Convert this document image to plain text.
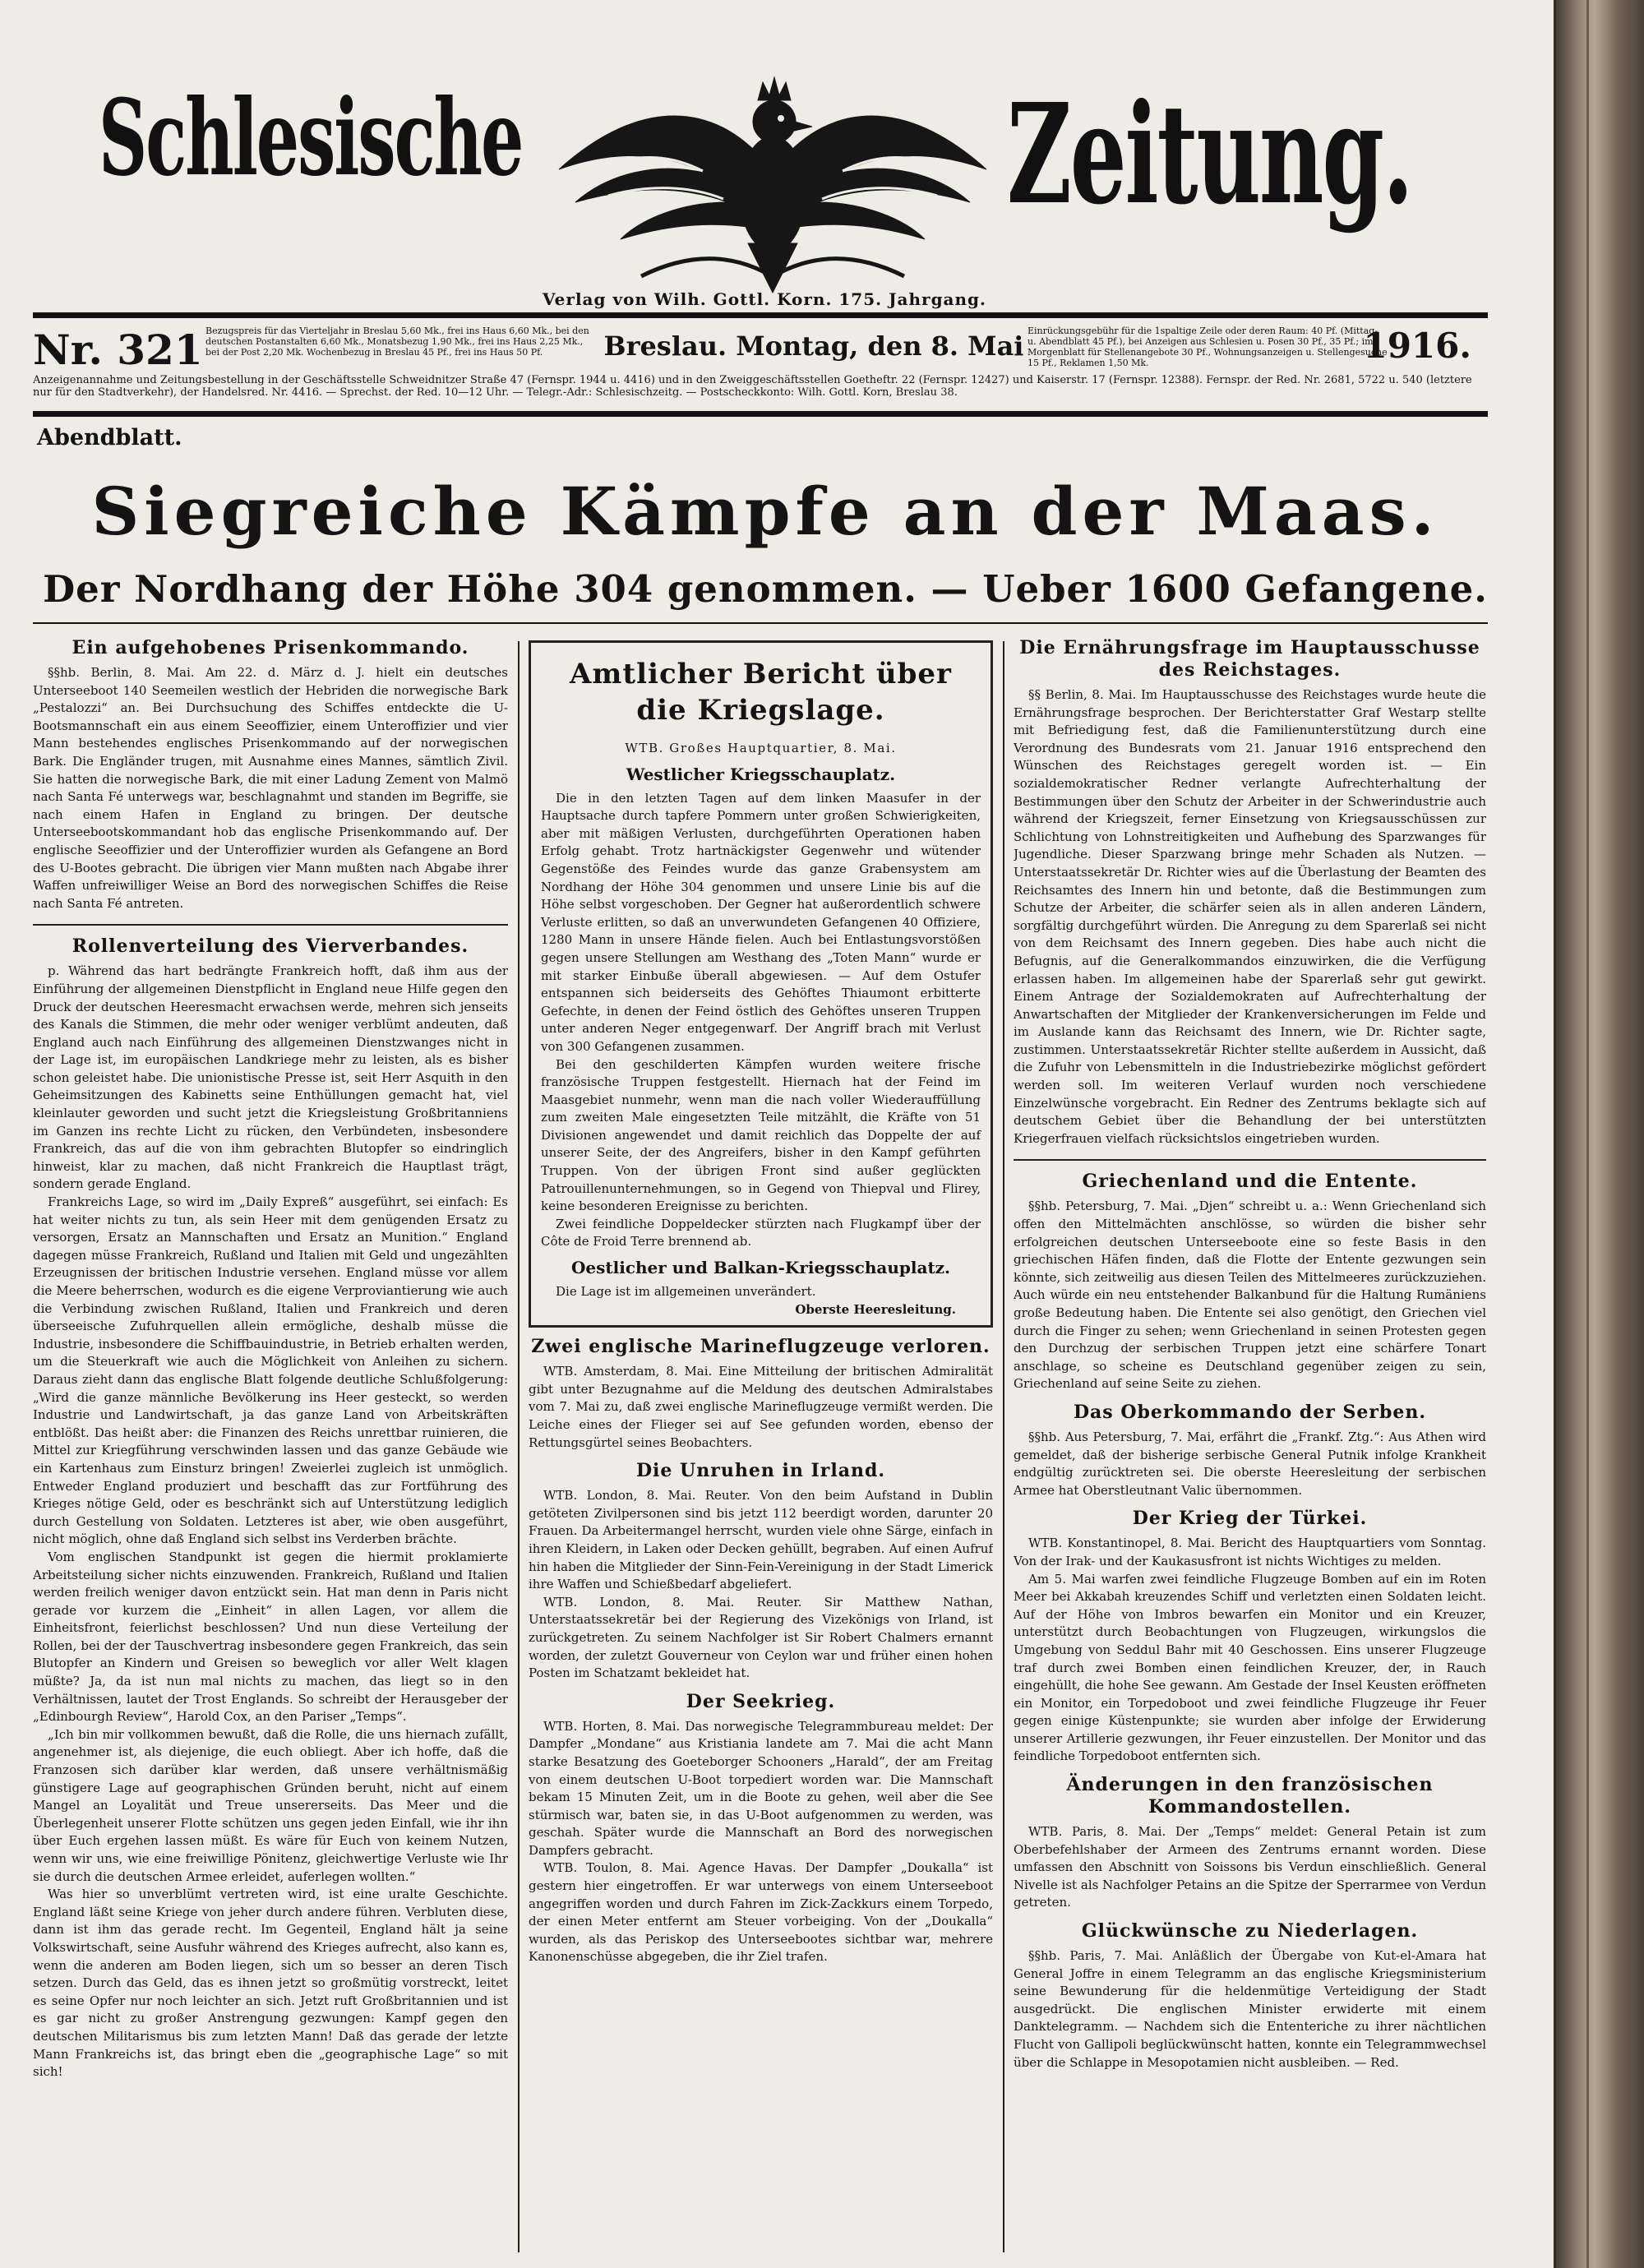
Schlesische	Zeitung.
Verlag von Wilh. Gottl. Korn. 175. Jahrgang.
Nr. 321 Bezugspreis für das Vierteljahr in Breslau 5,60 Mk., frei ins Haus 6,60 Mk., bei den deutschen Postanstalten 6,60 Mk., Monatsbezug 1,90 Mk., frei ins Haus 2,25 Mk., bei der Post 2,20 Mk. Wochenbezug in Breslau 45 Pf., frei ins Haus 50 Pf.	Breslau. Montag, den 8. Mai Einrückungsgebühr für die 1spaltige Zeile oder deren Raum: 40 Pf. (Mittag- u. Abendblatt 45 Pf.), bei Anzeigen aus Schlesien u. Posen 30 Pf., 35 Pf.; im Morgenblatt für Stellenangebote 30 Pf., Wohnungsanzeigen u. Stellengesuche 15 Pf., Reklamen 1,50 Mk.	1916.
Anzeigenannahme und Zeitungsbestellung in der Geschäftsstelle Schweidnitzer Straße 47 (Fernspr. 1944 u. 4416) und in den Zweiggeschäftsstellen Goetheftr. 22 (Fernspr. 12427) und Kaiserstr. 17 (Fernspr. 12388). Fernspr. der Red. Nr. 2681, 5722 u. 540 (letztere nur für den Stadtverkehr), der Handelsred. Nr. 4416. — Sprechst. der Red. 10—12 Uhr. — Telegr.-Adr.: Schlesischzeitg. — Postscheckkonto: Wilh. Gottl. Korn, Breslau 38.
Abendblatt.
Siegreiche Kämpfe an der Maas.
Der Nordhang der Höhe 304 genommen. — Ueber 1600 Gefangene.
Ein aufgehobenes Prisenkommando.

§§hb. Berlin, 8. Mai. Am 22. d. März d. J. hielt ein deutsches Unterseeboot 140 Seemeilen westlich der Hebriden die norwegische Bark „Pestalozzi“ an. Bei Durchsuchung des Schiffes entdeckte die U-Bootsmannschaft ein aus einem Seeoffizier, einem Unteroffizier und vier Mann bestehendes englisches Prisenkommando auf der norwegischen Bark. Die Engländer trugen, mit Ausnahme eines Mannes, sämtlich Zivil. Sie hatten die norwegische Bark, die mit einer Ladung Zement von Malmö nach Santa Fé unterwegs war, beschlagnahmt und standen im Begriffe, sie nach einem Hafen in England zu bringen. Der deutsche Unterseebootskommandant hob das englische Prisenkommando auf. Der englische Seeoffizier und der Unteroffizier wurden als Gefangene an Bord des U-Bootes gebracht. Die übrigen vier Mann mußten nach Abgabe ihrer Waffen unfreiwilliger Weise an Bord des norwegischen Schiffes die Reise nach Santa Fé antreten.

Rollenverteilung des Vierverbandes.

p. Während das hart bedrängte Frankreich hofft, daß ihm aus der Einführung der allgemeinen Dienstpflicht in England neue Hilfe gegen den Druck der deutschen Heeresmacht erwachsen werde, mehren sich jenseits des Kanals die Stimmen, die mehr oder weniger verblümt andeuten, daß England auch nach Einführung des allgemeinen Dienstzwanges nicht in der Lage ist, im europäischen Landkriege mehr zu leisten, als es bisher schon geleistet habe. Die unionistische Presse ist, seit Herr Asquith in den Geheimsitzungen des Kabinetts seine Enthüllungen gemacht hat, viel kleinlauter geworden und sucht jetzt die Kriegsleistung Großbritanniens im Ganzen ins rechte Licht zu rücken, den Verbündeten, insbesondere Frankreich, das auf die von ihm gebrachten Blutopfer so eindringlich hinweist, klar zu machen, daß nicht Frankreich die Hauptlast trägt, sondern gerade England.

Frankreichs Lage, so wird im „Daily Expreß“ ausgeführt, sei einfach: Es hat weiter nichts zu tun, als sein Heer mit dem genügenden Ersatz zu versorgen, Ersatz an Mannschaften und Ersatz an Munition.“ England dagegen müsse Frankreich, Rußland und Italien mit Geld und ungezählten Erzeugnissen der britischen Industrie versehen. England müsse vor allem die Meere beherrschen, wodurch es die eigene Verproviantierung wie auch die Verbindung zwischen Rußland, Italien und Frankreich und deren überseeische Zufuhrquellen allein ermögliche, deshalb müsse die Industrie, insbesondere die Schiffbauindustrie, in Betrieb erhalten werden, um die Steuerkraft wie auch die Möglichkeit von Anleihen zu sichern. Daraus zieht dann das englische Blatt folgende deutliche Schlußfolgerung: „Wird die ganze männliche Bevölkerung ins Heer gesteckt, so werden Industrie und Landwirtschaft, ja das ganze Land von Arbeitskräften entblößt. Das heißt aber: die Finanzen des Reichs unrettbar ruinieren, die Mittel zur Kriegführung verschwinden lassen und das ganze Gebäude wie ein Kartenhaus zum Einsturz bringen! Zweierlei zugleich ist unmöglich. Entweder England produziert und beschafft das zur Fortführung des Krieges nötige Geld, oder es beschränkt sich auf Unterstützung lediglich durch Gestellung von Soldaten. Letzteres ist aber, wie oben ausgeführt, nicht möglich, ohne daß England sich selbst ins Verderben brächte.

Vom englischen Standpunkt ist gegen die hiermit proklamierte Arbeitsteilung sicher nichts einzuwenden. Frankreich, Rußland und Italien werden freilich weniger davon entzückt sein. Hat man denn in Paris nicht gerade vor kurzem die „Einheit“ in allen Lagen, vor allem die Einheitsfront, feierlichst beschlossen? Und nun diese Verteilung der Rollen, bei der der Tauschvertrag insbesondere gegen Frankreich, das sein Blutopfer an Kindern und Greisen so beweglich vor aller Welt klagen müßte? Ja, da ist nun mal nichts zu machen, das liegt so in den Verhältnissen, lautet der Trost Englands. So schreibt der Herausgeber der „Edinbourgh Review“, Harold Cox, an den Pariser „Temps“.

„Ich bin mir vollkommen bewußt, daß die Rolle, die uns hiernach zufällt, angenehmer ist, als diejenige, die euch obliegt. Aber ich hoffe, daß die Franzosen sich darüber klar werden, daß unsere verhältnismäßig günstigere Lage auf geographischen Gründen beruht, nicht auf einem Mangel an Loyalität und Treue unsererseits. Das Meer und die Überlegenheit unserer Flotte schützen uns gegen jeden Einfall, wie ihr ihn über Euch ergehen lassen müßt. Es wäre für Euch von keinem Nutzen, wenn wir uns, wie eine freiwillige Pönitenz, gleichwertige Verluste wie Ihr sie durch die deutschen Armee erleidet, auferlegen wollten.“

Was hier so unverblümt vertreten wird, ist eine uralte Geschichte. England läßt seine Kriege von jeher durch andere führen. Verbluten diese, dann ist ihm das gerade recht. Im Gegenteil, England hält ja seine Volkswirtschaft, seine Ausfuhr während des Krieges aufrecht, also kann es, wenn die anderen am Boden liegen, sich um so besser an deren Tisch setzen. Durch das Geld, das es ihnen jetzt so großmütig vorstreckt, leitet es seine Opfer nur noch leichter an sich. Jetzt ruft Großbritannien und ist es gar nicht zu großer Anstrengung gezwungen: Kampf gegen den deutschen Militarismus bis zum letzten Mann! Daß das gerade der letzte Mann Frankreichs ist, das bringt eben die „geographische Lage“ so mit sich!

Amtlicher Bericht über die Kriegslage.

WTB. Großes Hauptquartier, 8. Mai.

Westlicher Kriegsschauplatz.

Die in den letzten Tagen auf dem linken Maasufer in der Hauptsache durch tapfere Pommern unter großen Schwierigkeiten, aber mit mäßigen Verlusten, durchgeführten Operationen haben Erfolg gehabt. Trotz hartnäckigster Gegenwehr und wütender Gegenstöße des Feindes wurde das ganze Grabensystem am Nordhang der Höhe 304 genommen und unsere Linie bis auf die Höhe selbst vorgeschoben. Der Gegner hat außerordentlich schwere Verluste erlitten, so daß an unverwundeten Gefangenen 40 Offiziere, 1280 Mann in unsere Hände fielen. Auch bei Entlastungsvorstößen gegen unsere Stellungen am Westhang des „Toten Mann“ wurde er mit starker Einbuße überall abgewiesen. — Auf dem Ostufer entspannen sich beiderseits des Gehöftes Thiaumont erbitterte Gefechte, in denen der Feind östlich des Gehöftes unseren Truppen unter anderen Neger entgegenwarf. Der Angriff brach mit Verlust von 300 Gefangenen zusammen.

Bei den geschilderten Kämpfen wurden weitere frische französische Truppen festgestellt. Hiernach hat der Feind im Maasgebiet nunmehr, wenn man die nach voller Wiederauffüllung zum zweiten Male eingesetzten Teile mitzählt, die Kräfte von 51 Divisionen angewendet und damit reichlich das Doppelte der auf unserer Seite, der des Angreifers, bisher in den Kampf geführten Truppen. Von der übrigen Front sind außer geglückten Patrouillenunternehmungen, so in Gegend von Thiepval und Flirey, keine besonderen Ereignisse zu berichten.

Zwei feindliche Doppeldecker stürzten nach Flugkampf über der Côte de Froid Terre brennend ab.

Oestlicher und Balkan-Kriegsschauplatz.

Die Lage ist im allgemeinen unverändert.

Oberste Heeresleitung.

Zwei englische Marineflugzeuge verloren.

WTB. Amsterdam, 8. Mai. Eine Mitteilung der britischen Admiralität gibt unter Bezugnahme auf die Meldung des deutschen Admiralstabes vom 7. Mai zu, daß zwei englische Marineflugzeuge vermißt werden. Die Leiche eines der Flieger sei auf See gefunden worden, ebenso der Rettungsgürtel seines Beobachters.

Die Unruhen in Irland.

WTB. London, 8. Mai. Reuter. Von den beim Aufstand in Dublin getöteten Zivilpersonen sind bis jetzt 112 beerdigt worden, darunter 20 Frauen. Da Arbeitermangel herrscht, wurden viele ohne Särge, einfach in ihren Kleidern, in Laken oder Decken gehüllt, begraben. Auf einen Aufruf hin haben die Mitglieder der Sinn-Fein-Vereinigung in der Stadt Limerick ihre Waffen und Schießbedarf abgeliefert.

WTB. London, 8. Mai. Reuter. Sir Matthew Nathan, Unterstaatssekretär bei der Regierung des Vizekönigs von Irland, ist zurückgetreten. Zu seinem Nachfolger ist Sir Robert Chalmers ernannt worden, der zuletzt Gouverneur von Ceylon war und früher einen hohen Posten im Schatzamt bekleidet hat.

Der Seekrieg.

WTB. Horten, 8. Mai. Das norwegische Telegrammbureau meldet: Der Dampfer „Mondane“ aus Kristiania landete am 7. Mai die acht Mann starke Besatzung des Goeteborger Schooners „Harald“, der am Freitag von einem deutschen U-Boot torpediert worden war. Die Mannschaft bekam 15 Minuten Zeit, um in die Boote zu gehen, weil aber die See stürmisch war, baten sie, in das U-Boot aufgenommen zu werden, was geschah. Später wurde die Mannschaft an Bord des norwegischen Dampfers gebracht.

WTB. Toulon, 8. Mai. Agence Havas. Der Dampfer „Doukalla“ ist gestern hier eingetroffen. Er war unterwegs von einem Unterseeboot angegriffen worden und durch Fahren im Zick-Zackkurs einem Torpedo, der einen Meter entfernt am Steuer vorbeiging. Von der „Doukalla“ wurden, als das Periskop des Unterseebootes sichtbar war, mehrere Kanonenschüsse abgegeben, die ihr Ziel trafen.

Die Ernährungsfrage im Hauptausschusse des Reichstages.

§§ Berlin, 8. Mai. Im Hauptausschusse des Reichstages wurde heute die Ernährungsfrage besprochen. Der Berichterstatter Graf Westarp stellte mit Befriedigung fest, daß die Familienunterstützung durch eine Verordnung des Bundesrats vom 21. Januar 1916 entsprechend den Wünschen des Reichstages geregelt worden ist. — Ein sozialdemokratischer Redner verlangte Aufrechterhaltung der Bestimmungen über den Schutz der Arbeiter in der Schwerindustrie auch während der Kriegszeit, ferner Einsetzung von Kriegsausschüssen zur Schlichtung von Lohnstreitigkeiten und Aufhebung des Sparzwanges für Jugendliche. Dieser Sparzwang bringe mehr Schaden als Nutzen. — Unterstaatssekretär Dr. Richter wies auf die Überlastung der Beamten des Reichsamtes des Innern hin und betonte, daß die Bestimmungen zum Schutze der Arbeiter, die schärfer seien als in allen anderen Ländern, sorgfältig durchgeführt würden. Die Anregung zu dem Sparerlaß sei nicht von dem Reichsamt des Innern gegeben. Dies habe auch nicht die Befugnis, auf die Generalkommandos einzuwirken, die die Verfügung erlassen haben. Im allgemeinen habe der Sparerlaß sehr gut gewirkt. Einem Antrage der Sozialdemokraten auf Aufrechterhaltung der Anwartschaften der Mitglieder der Krankenversicherungen im Felde und im Auslande kann das Reichsamt des Innern, wie Dr. Richter sagte, zustimmen. Unterstaatssekretär Richter stellte außerdem in Aussicht, daß die Zufuhr von Lebensmitteln in die Industriebezirke möglichst gefördert werden soll. Im weiteren Verlauf wurden noch verschiedene Einzelwünsche vorgebracht. Ein Redner des Zentrums beklagte sich auf deutschem Gebiet über die Behandlung der bei unterstützten Kriegerfrauen vielfach rücksichtslos eingetrieben wurden.

Griechenland und die Entente.

§§hb. Petersburg, 7. Mai. „Djen“ schreibt u. a.: Wenn Griechenland sich offen den Mittelmächten anschlösse, so würden die bisher sehr erfolgreichen deutschen Unterseeboote eine so feste Basis in den griechischen Häfen finden, daß die Flotte der Entente gezwungen sein könnte, sich zeitweilig aus diesen Teilen des Mittelmeeres zurückzuziehen. Auch würde ein neu entstehender Balkanbund für die Haltung Rumäniens große Bedeutung haben. Die Entente sei also genötigt, den Griechen viel durch die Finger zu sehen; wenn Griechenland in seinen Protesten gegen den Durchzug der serbischen Truppen jetzt eine schärfere Tonart anschlage, so scheine es Deutschland gegenüber zeigen zu sein, Griechenland auf seine Seite zu ziehen.

Das Oberkommando der Serben.

§§hb. Aus Petersburg, 7. Mai, erfährt die „Frankf. Ztg.“: Aus Athen wird gemeldet, daß der bisherige serbische General Putnik infolge Krankheit endgültig zurücktreten sei. Die oberste Heeresleitung der serbischen Armee hat Oberstleutnant Valic übernommen.

Der Krieg der Türkei.

WTB. Konstantinopel, 8. Mai. Bericht des Hauptquartiers vom Sonntag. Von der Irak- und der Kaukasusfront ist nichts Wichtiges zu melden.

Am 5. Mai warfen zwei feindliche Flugzeuge Bomben auf ein im Roten Meer bei Akkabah kreuzendes Schiff und verletzten einen Soldaten leicht. Auf der Höhe von Imbros bewarfen ein Monitor und ein Kreuzer, unterstützt durch Beobachtungen von Flugzeugen, wirkungslos die Umgebung von Seddul Bahr mit 40 Geschossen. Eins unserer Flugzeuge traf durch zwei Bomben einen feindlichen Kreuzer, der, in Rauch eingehüllt, die hohe See gewann. Am Gestade der Insel Keusten eröffneten ein Monitor, ein Torpedoboot und zwei feindliche Flugzeuge ihr Feuer gegen einige Küstenpunkte; sie wurden aber infolge der Erwiderung unserer Artillerie gezwungen, ihr Feuer einzustellen. Der Monitor und das feindliche Torpedoboot entfernten sich.

Änderungen in den französischen Kommandostellen.

WTB. Paris, 8. Mai. Der „Temps“ meldet: General Petain ist zum Oberbefehlshaber der Armeen des Zentrums ernannt worden. Diese umfassen den Abschnitt von Soissons bis Verdun einschließlich. General Nivelle ist als Nachfolger Petains an die Spitze der Sperrarmee von Verdun getreten.

Glückwünsche zu Niederlagen.

§§hb. Paris, 7. Mai. Anläßlich der Übergabe von Kut-el-Amara hat General Joffre in einem Telegramm an das englische Kriegsministerium seine Bewunderung für die heldenmütige Verteidigung der Stadt ausgedrückt. Die englischen Minister erwiderte mit einem Danktelegramm. — Nachdem sich die Ententeriche zu ihrer nächtlichen Flucht von Gallipoli beglückwünscht hatten, konnte ein Telegrammwechsel über die Schlappe in Mesopotamien nicht ausbleiben. — Red.
